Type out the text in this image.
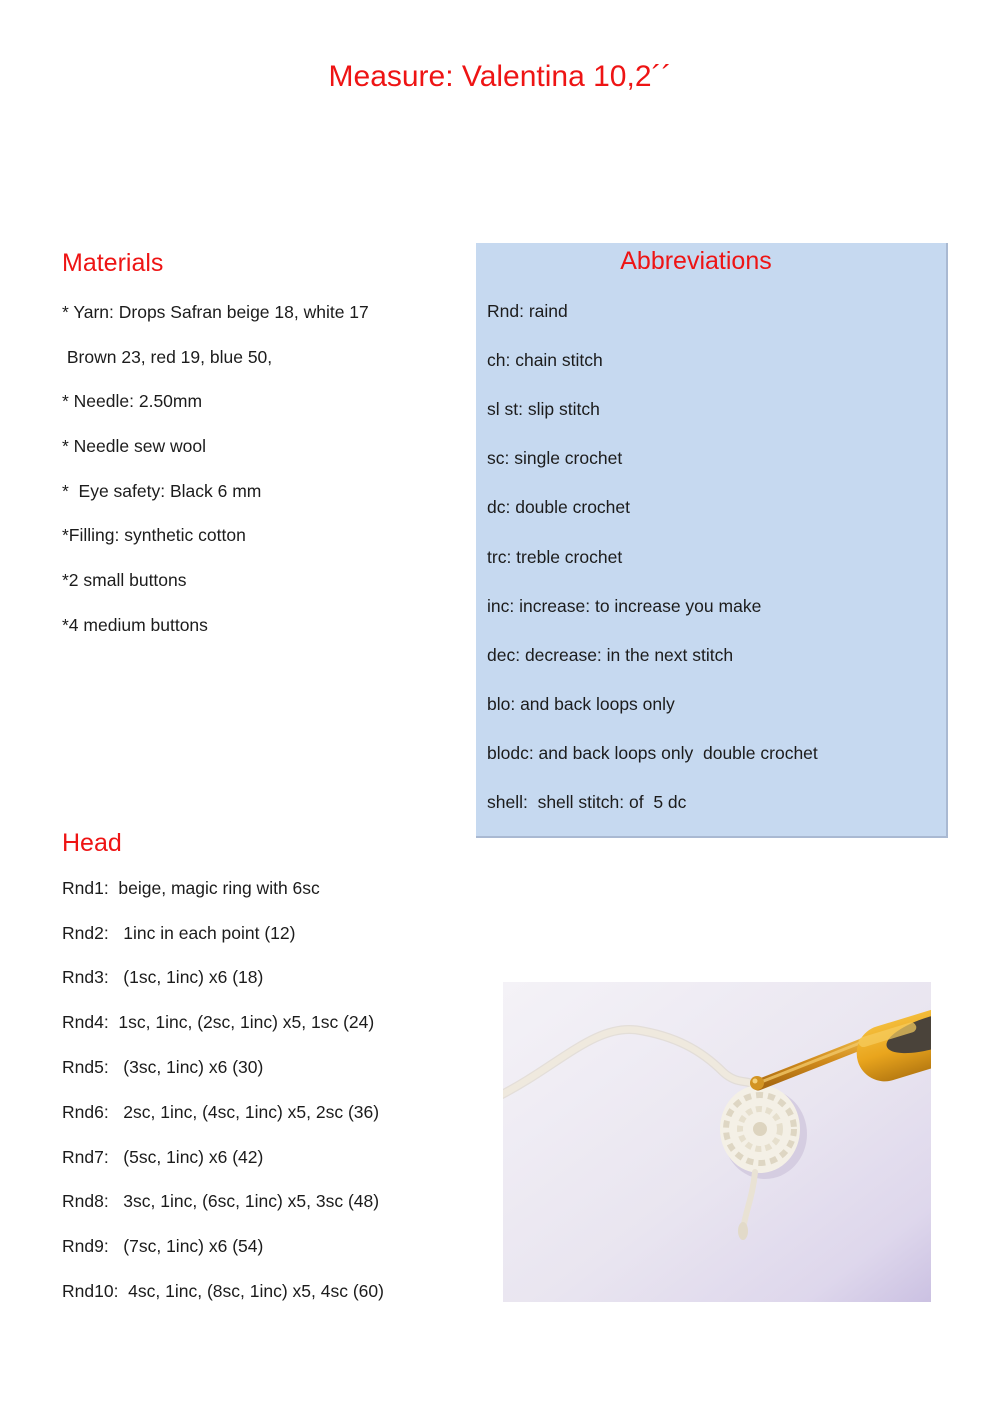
Measure: Valentina 10,2´´
Materials
* Yarn: Drops Safran beige 18, white 17
Brown 23, red 19, blue 50,
* Needle: 2.50mm
* Needle sew wool
*  Eye safety: Black 6 mm
*Filling: synthetic cotton
*2 small buttons
*4 medium buttons
Abbreviations
Rnd: raind
ch: chain stitch
sl st: slip stitch
sc: single crochet
dc: double crochet
trc: treble crochet
inc: increase: to increase you make
dec: decrease: in the next stitch
blo: and back loops only
blodc: and back loops only  double crochet
shell:  shell stitch: of  5 dc
Head
Rnd1:  beige, magic ring with 6sc
Rnd2:   1inc in each point (12)
Rnd3:   (1sc, 1inc) x6 (18)
Rnd4:  1sc, 1inc, (2sc, 1inc) x5, 1sc (24)
Rnd5:   (3sc, 1inc) x6 (30)
Rnd6:   2sc, 1inc, (4sc, 1inc) x5, 2sc (36)
Rnd7:   (5sc, 1inc) x6 (42)
Rnd8:   3sc, 1inc, (6sc, 1inc) x5, 3sc (48)
Rnd9:   (7sc, 1inc) x6 (54)
Rnd10:  4sc, 1inc, (8sc, 1inc) x5, 4sc (60)
